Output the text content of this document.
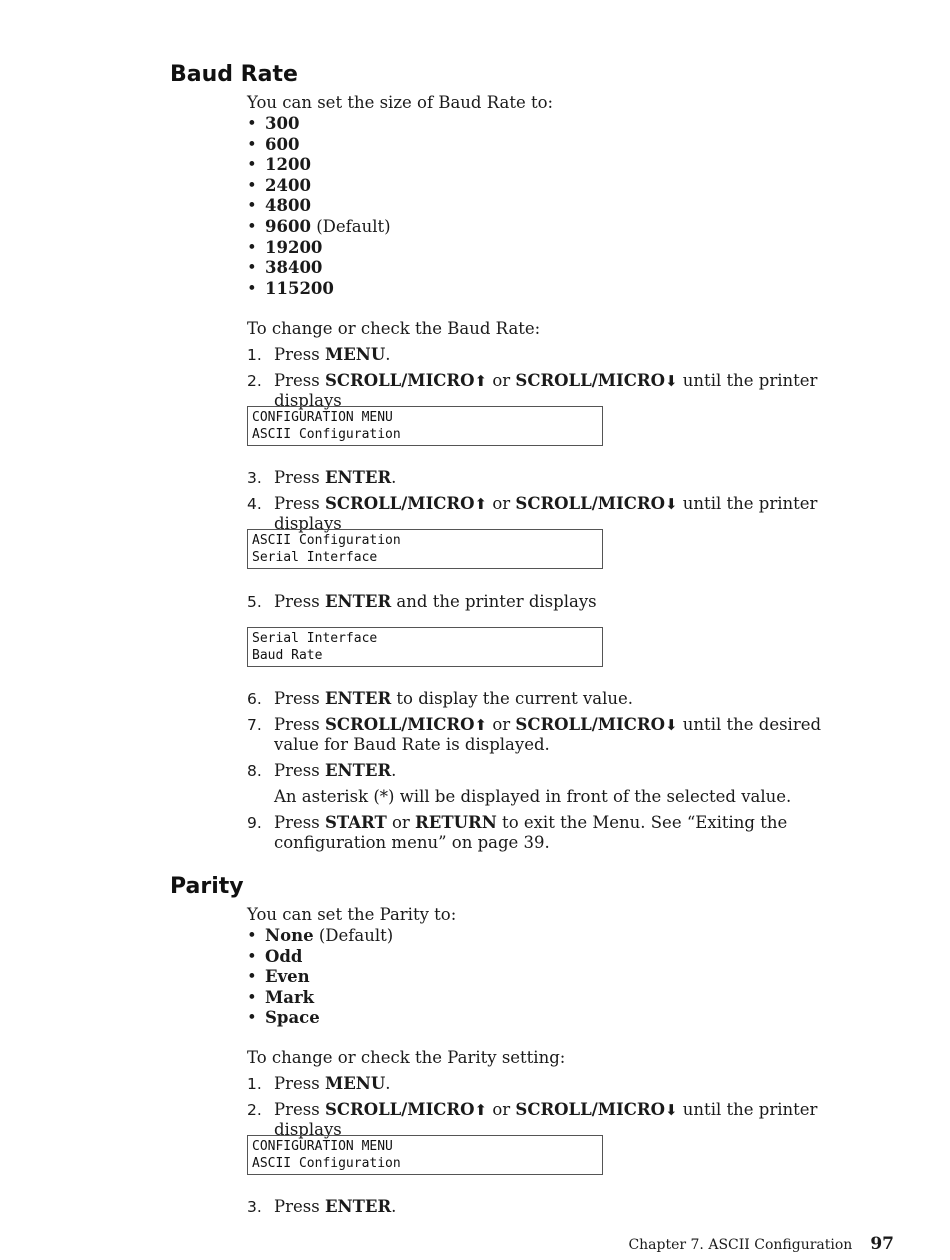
Baud Rate

You can set the size of Baud Rate to:

• 300
• 600
• 1200
• 2400
• 4800
• 9600 (Default)
• 19200
• 38400
• 115200

To change or check the Baud Rate:

1. Press MENU.
2. Press SCROLL/MICRO⬆ or SCROLL/MICRO⬇ until the printer displays
CONFIGURATION MENU
ASCII Configuration
3. Press ENTER.
4. Press SCROLL/MICRO⬆ or SCROLL/MICRO⬇ until the printer displays
ASCII Configuration
Serial Interface
5. Press ENTER and the printer displays
Serial Interface
Baud Rate
6. Press ENTER to display the current value.
7. Press SCROLL/MICRO⬆ or SCROLL/MICRO⬇ until the desired value for Baud Rate is displayed.
8. Press ENTER.

An asterisk (*) will be displayed in front of the selected value.

9. Press START or RETURN to exit the Menu. See “Exiting the configuration menu” on page 39.
Parity

You can set the Parity to:

• None (Default)
• Odd
• Even
• Mark
• Space

To change or check the Parity setting:

1. Press MENU.
2. Press SCROLL/MICRO⬆ or SCROLL/MICRO⬇ until the printer displays
CONFIGURATION MENU
ASCII Configuration
3. Press ENTER.
Chapter 7. ASCII Configuration 97
